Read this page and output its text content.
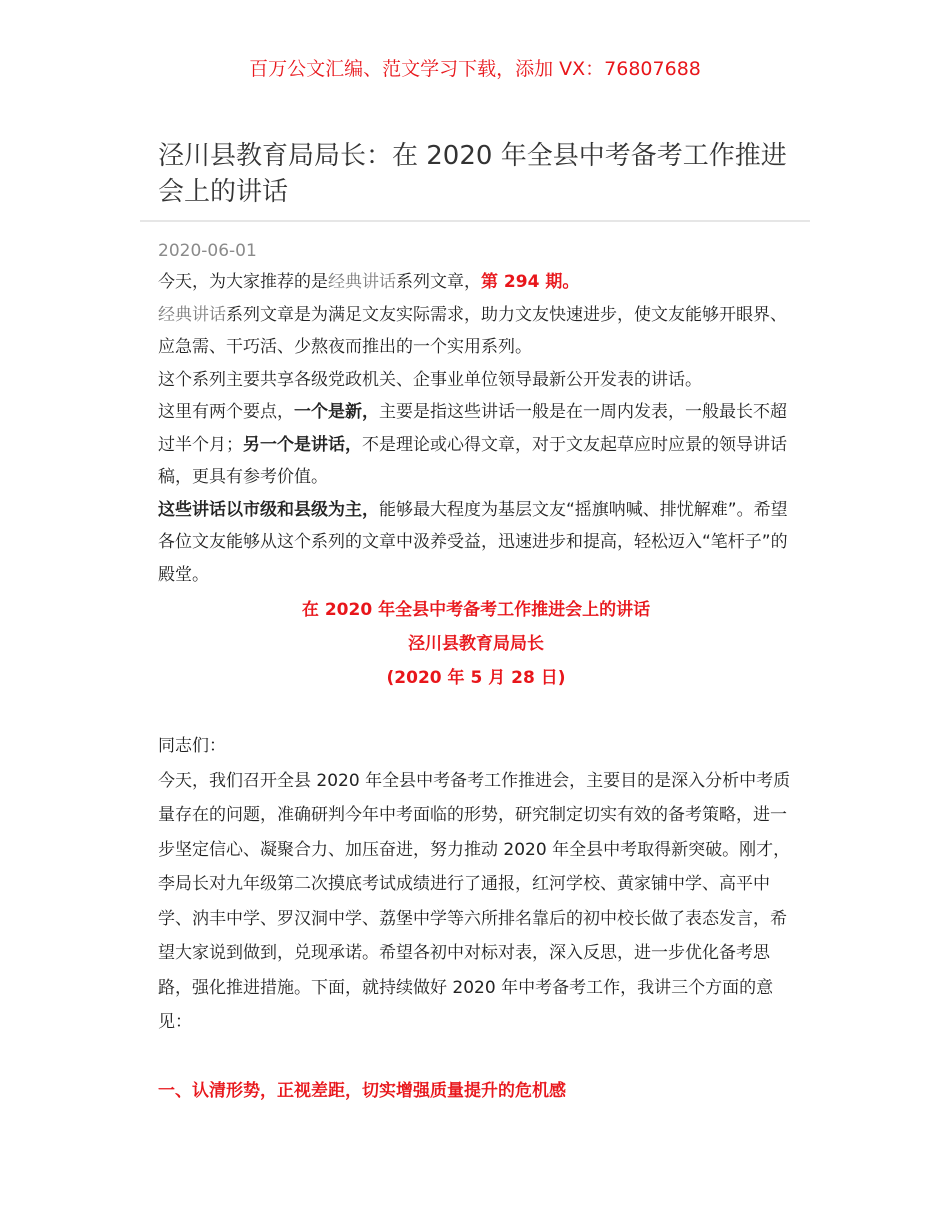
百万公文汇编、范文学习下载，添加 VX：76807688
泾川县教育局局长：在 2020 年全县中考备考工作推进会上的讲话
2020-06-01

今天，为大家推荐的是经典讲话系列文章，第 294 期。

经典讲话系列文章是为满足文友实际需求，助力文友快速进步，使文友能够开眼界、应急需、干巧活、少熬夜而推出的一个实用系列。

这个系列主要共享各级党政机关、企事业单位领导最新公开发表的讲话。

这里有两个要点，一个是新，主要是指这些讲话一般是在一周内发表，一般最长不超过半个月；另一个是讲话，不是理论或心得文章，对于文友起草应时应景的领导讲话稿，更具有参考价值。

这些讲话以市级和县级为主，能够最大程度为基层文友“摇旗呐喊、排忧解难”。希望各位文友能够从这个系列的文章中汲养受益，迅速进步和提高，轻松迈入“笔杆子”的殿堂。

在 2020 年全县中考备考工作推进会上的讲话

泾川县教育局局长

(2020 年 5 月 28 日)

同志们：

今天，我们召开全县 2020 年全县中考备考工作推进会，主要目的是深入分析中考质量存在的问题，准确研判今年中考面临的形势，研究制定切实有效的备考策略，进一步坚定信心、凝聚合力、加压奋进，努力推动 2020 年全县中考取得新突破。刚才，李局长对九年级第二次摸底考试成绩进行了通报，红河学校、黄家铺中学、高平中学、汭丰中学、罗汉洞中学、荔堡中学等六所排名靠后的初中校长做了表态发言，希望大家说到做到，兑现承诺。希望各初中对标对表，深入反思，进一步优化备考思路，强化推进措施。下面，就持续做好 2020 年中考备考工作，我讲三个方面的意见：

一、认清形势，正视差距，切实增强质量提升的危机感
